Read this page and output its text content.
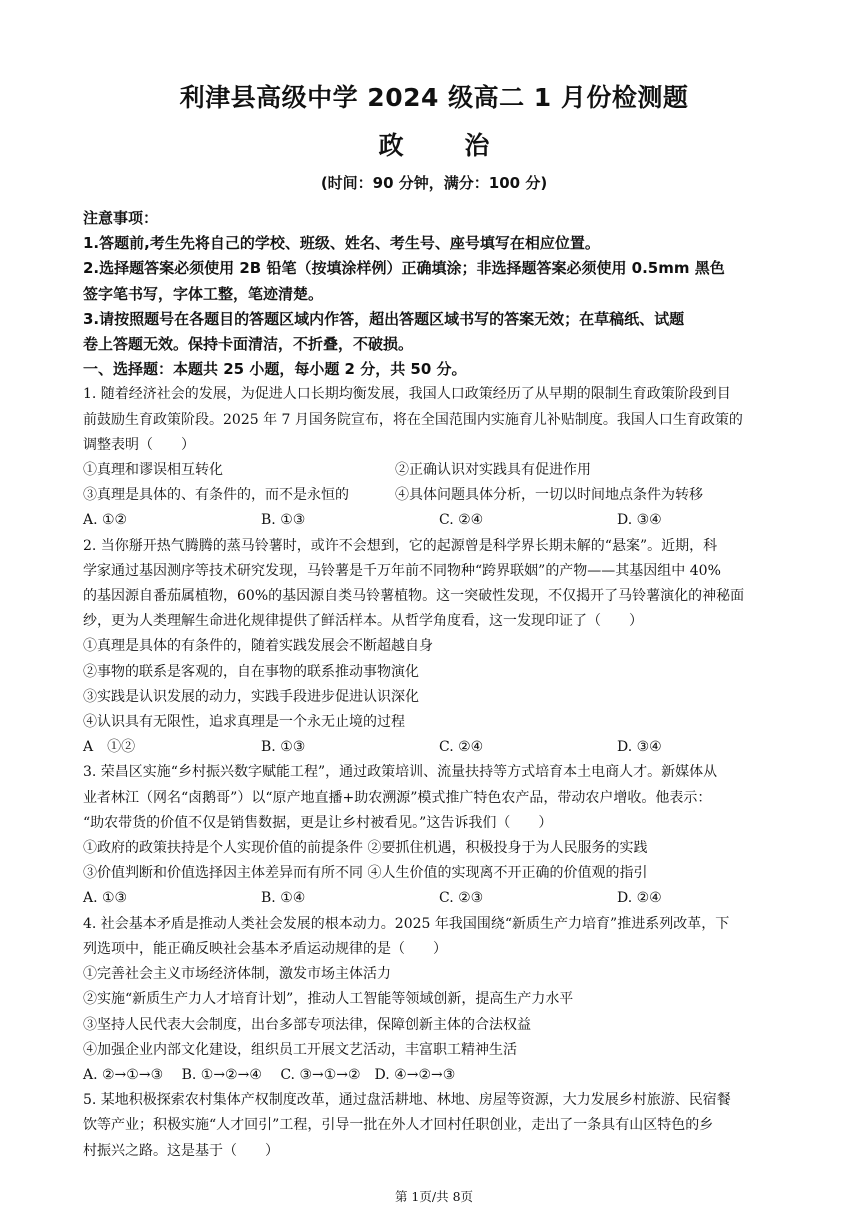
利津县高级中学 2024 级高二 1 月份检测题
政 治
(时间：90 分钟，满分：100 分)
注意事项：
1.答题前,考生先将自己的学校、班级、姓名、考生号、座号填写在相应位置。
2.选择题答案必须使用 2B 铅笔（按填涂样例）正确填涂；非选择题答案必须使用 0.5mm 黑色
签字笔书写，字体工整，笔迹清楚。
3.请按照题号在各题目的答题区域内作答，超出答题区域书写的答案无效；在草稿纸、试题
卷上答题无效。保持卡面清洁，不折叠，不破损。
一、选择题：本题共 25 小题，每小题 2 分，共 50 分。
1. 随着经济社会的发展，为促进人口长期均衡发展，我国人口政策经历了从早期的限制生育政策阶段到目
前鼓励生育政策阶段。2025 年 7 月国务院宣布，将在全国范围内实施育儿补贴制度。我国人口生育政策的
调整表明（　　）
①真理和谬误相互转化	②正确认识对实践具有促进作用
③真理是具体的、有条件的，而不是永恒的	④具体问题具体分析，一切以时间地点条件为转移
A. ①②	B. ①③	C. ②④	D. ③④
2. 当你掰开热气腾腾的蒸马铃薯时，或许不会想到，它的起源曾是科学界长期未解的“悬案”。近期，科
学家通过基因测序等技术研究发现，马铃薯是千万年前不同物种“跨界联姻”的产物——其基因组中 40%
的基因源自番茄属植物，60%的基因源自类马铃薯植物。这一突破性发现，不仅揭开了马铃薯演化的神秘面
纱，更为人类理解生命进化规律提供了鲜活样本。从哲学角度看，这一发现印证了（　　）
①真理是具体的有条件的，随着实践发展会不断超越自身
②事物的联系是客观的，自在事物的联系推动事物演化
③实践是认识发展的动力，实践手段进步促进认识深化
④认识具有无限性，追求真理是一个永无止境的过程
A　①②	B. ①③	C. ②④	D. ③④
3. 荣昌区实施“乡村振兴数字赋能工程”，通过政策培训、流量扶持等方式培育本土电商人才。新媒体从
业者林江（网名“卤鹅哥”）以“原产地直播+助农溯源”模式推广特色农产品，带动农户增收。他表示：
“助农带货的价值不仅是销售数据，更是让乡村被看见。”这告诉我们（　　）
①政府的政策扶持是个人实现价值的前提条件 ②要抓住机遇，积极投身于为人民服务的实践
③价值判断和价值选择因主体差异而有所不同 ④人生价值的实现离不开正确的价值观的指引
A. ①③	B. ①④	C. ②③	D. ②④
4. 社会基本矛盾是推动人类社会发展的根本动力。2025 年我国围绕“新质生产力培育”推进系列改革，下
列选项中，能正确反映社会基本矛盾运动规律的是（　　）
①完善社会主义市场经济体制，激发市场主体活力
②实施“新质生产力人才培育计划”，推动人工智能等领域创新，提高生产力水平
③坚持人民代表大会制度，出台多部专项法律，保障创新主体的合法权益
④加强企业内部文化建设，组织员工开展文艺活动，丰富职工精神生活
A. ②→①→③　 B. ①→②→④　 C. ③→①→②　D. ④→②→③
5. 某地积极探索农村集体产权制度改革，通过盘活耕地、林地、房屋等资源，大力发展乡村旅游、民宿餐
饮等产业；积极实施“人才回引”工程，引导一批在外人才回村任职创业，走出了一条具有山区特色的乡
村振兴之路。这是基于（　　）
第 1页/共 8页
